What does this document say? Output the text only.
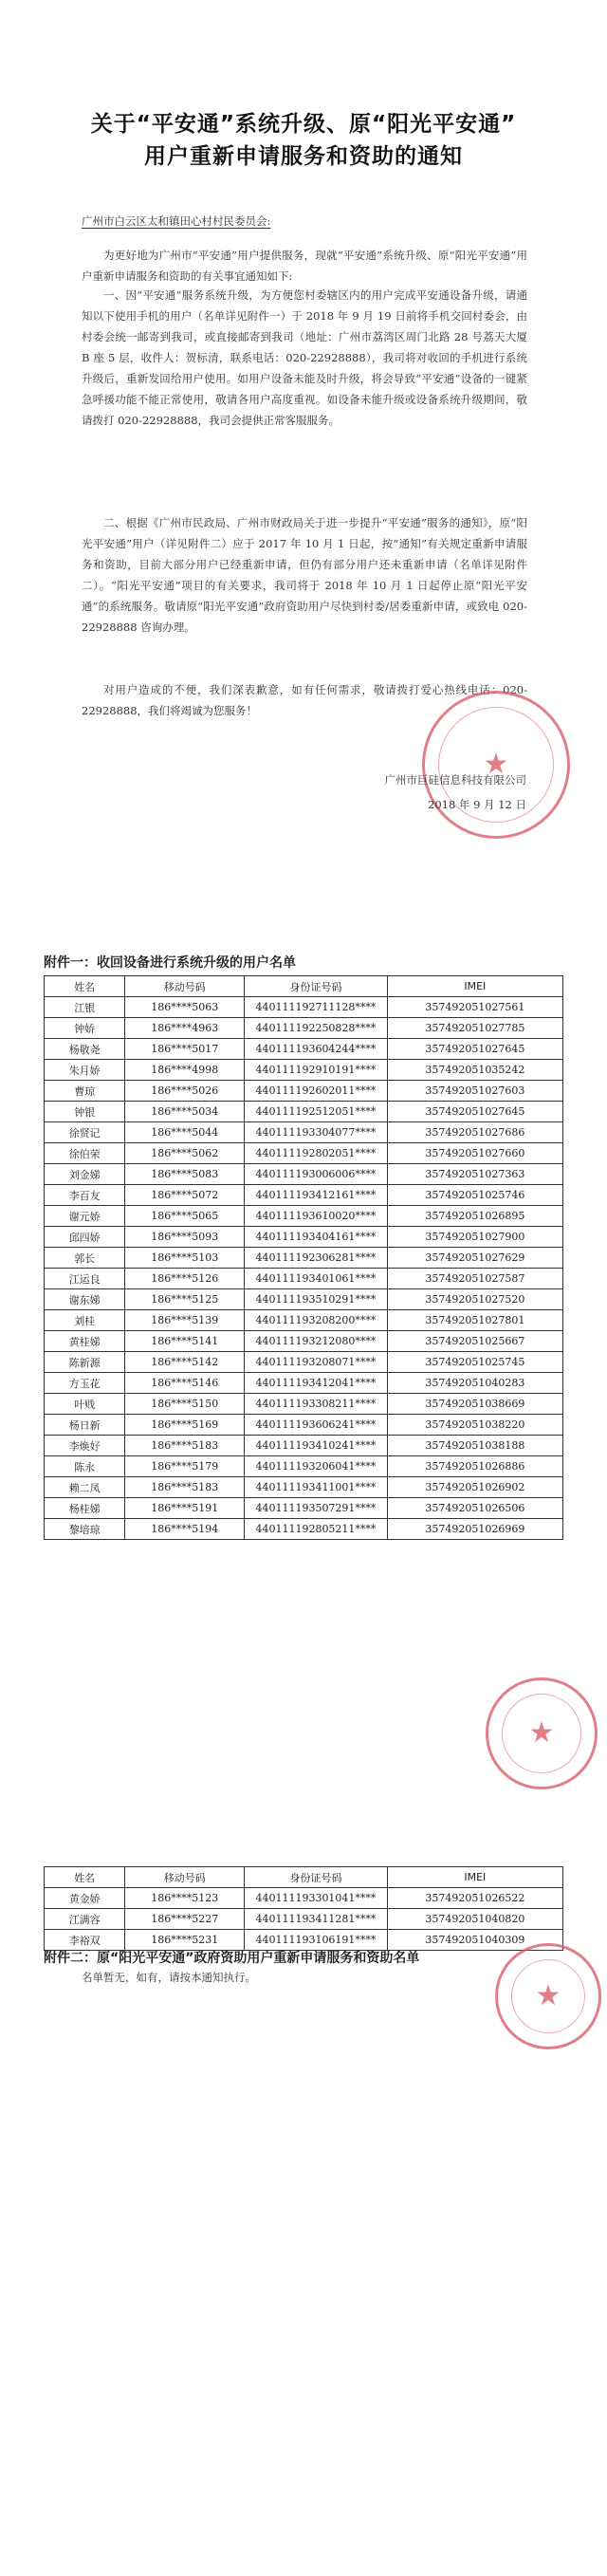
关于“平安通”系统升级、原“阳光平安通”
用户重新申请服务和资助的通知

广州市白云区太和镇田心村村民委员会:

为更好地为广州市“平安通”用户提供服务，现就“平安通”系统升级、原“阳光平安通”用户重新申请服务和资助的有关事宜通知如下:

一、因“平安通”服务系统升级，为方便您村委辖区内的用户完成平安通设备升级，请通知以下使用手机的用户（名单详见附件一）于 2018 年 9 月 19 日前将手机交回村委会，由村委会统一邮寄到我司，或直接邮寄到我司（地址：广州市荔湾区周门北路 28 号荔天大厦 B 座 5 层，收件人：贺标清，联系电话：020-22928888），我司将对收回的手机进行系统升级后，重新发回给用户使用。如用户设备未能及时升级，将会导致“平安通”设备的一键紧急呼援功能不能正常使用，敬请各用户高度重视。如设备未能升级或设备系统升级期间，敬请拨打 020-22928888，我司会提供正常客服服务。

二、根据《广州市民政局、广州市财政局关于进一步提升“平安通”服务的通知》，原“阳光平安通”用户（详见附件二）应于 2017 年 10 月 1 日起，按“通知”有关规定重新申请服务和资助，目前大部分用户已经重新申请，但仍有部分用户还未重新申请（名单详见附件二）。“阳光平安通”项目的有关要求，我司将于 2018 年 10 月 1 日起停止原“阳光平安通”的系统服务。敬请原“阳光平安通”政府资助用户尽快到村委/居委重新申请，或致电 020-22928888 咨询办理。

对用户造成的不便，我们深表歉意，如有任何需求，敬请拨打爱心热线电话：020-22928888，我们将竭诚为您服务！

★

广州市巨硅信息科技有限公司

2018 年 9 月 12 日

附件一：收回设备进行系统升级的用户名单
姓名	移动号码	身份证号码	IMEI
江银	186****5063	440111192711128****	357492051027561
钟娇	186****4963	440111192250828****	357492051027785
杨敬尧	186****5017	440111193604244****	357492051027645
朱月娇	186****4998	440111192910191****	357492051035242
曹琼	186****5026	440111192602011****	357492051027603
钟银	186****5034	440111192512051****	357492051027645
徐贤记	186****5044	440111193304077****	357492051027686
徐伯荣	186****5062	440111192802051****	357492051027660
刘金娣	186****5083	440111193006006****	357492051027363
李百友	186****5072	440111193412161****	357492051025746
谢元娇	186****5065	440111193610020****	357492051026895
邱四娇	186****5093	440111193404161****	357492051027900
郭长	186****5103	440111192306281****	357492051027629
江运良	186****5126	440111193401061****	357492051027587
谢东娣	186****5125	440111193510291****	357492051027520
刘桂	186****5139	440111193208200****	357492051027801
黄桂娣	186****5141	440111193212080****	357492051025667
陈新源	186****5142	440111193208071****	357492051025745
方玉花	186****5146	440111193412041****	357492051040283
叶贱	186****5150	440111193308211****	357492051038669
杨日新	186****5169	440111193606241****	357492051038220
李焕好	186****5183	440111193410241****	357492051038188
陈永	186****5179	440111193206041****	357492051026886
赖二凤	186****5183	440111193411001****	357492051026902
杨桂娣	186****5191	440111193507291****	357492051026506
黎培琼	186****5194	440111192805211****	357492051026969
★
姓名	移动号码	身份证号码	IMEI
黄金娇	186****5123	440111193301041****	357492051026522
江满容	186****5227	440111193411281****	357492051040820
李裕双	186****5231	440111193106191****	357492051040309
附件二：原“阳光平安通”政府资助用户重新申请服务和资助名单

名单暂无，如有，请按本通知执行。

★
